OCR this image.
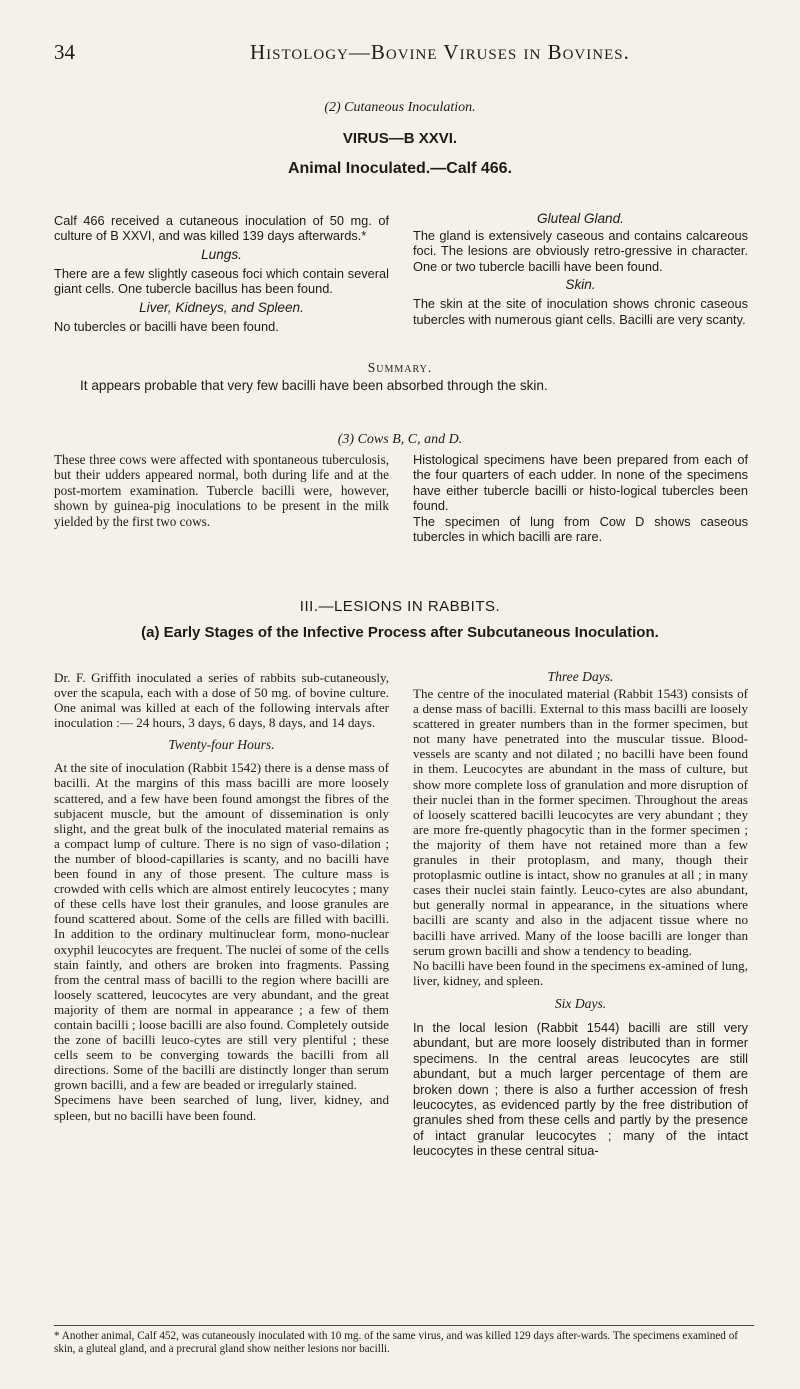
34	Histology—Bovine Viruses in Bovines.
(2) Cutaneous Inoculation.
VIRUS—B XXVI.
Animal Inoculated.—Calf 466.

Calf 466 received a cutaneous inoculation of 50 mg. of culture of B XXVI, and was killed 139 days afterwards.*

Lungs.

There are a few slightly caseous foci which contain several giant cells. One tubercle bacillus has been found.

Liver, Kidneys, and Spleen.

No tubercles or bacilli have been found.

Gluteal Gland.

The gland is extensively caseous and contains calcareous foci. The lesions are obviously retro-gressive in character. One or two tubercle bacilli have been found.

Skin.

The skin at the site of inoculation shows chronic caseous tubercles with numerous giant cells. Bacilli are very scanty.

Summary.
It appears probable that very few bacilli have been absorbed through the skin.
(3) Cows B, C, and D.

These three cows were affected with spontaneous tuberculosis, but their udders appeared normal, both during life and at the post-mortem examination. Tubercle bacilli were, however, shown by guinea-pig inoculations to be present in the milk yielded by the first two cows.

Histological specimens have been prepared from each of the four quarters of each udder. In none of the specimens have either tubercle bacilli or histo-logical tubercles been found.

The specimen of lung from Cow D shows caseous tubercles in which bacilli are rare.

III.—LESIONS IN RABBITS.
(a) Early Stages of the Infective Process after Subcutaneous Inoculation.

Dr. F. Griffith inoculated a series of rabbits sub-cutaneously, over the scapula, each with a dose of 50 mg. of bovine culture. One animal was killed at each of the following intervals after inoculation :— 24 hours, 3 days, 6 days, 8 days, and 14 days.

Twenty-four Hours.

At the site of inoculation (Rabbit 1542) there is a dense mass of bacilli. At the margins of this mass bacilli are more loosely scattered, and a few have been found amongst the fibres of the subjacent muscle, but the amount of dissemination is only slight, and the great bulk of the inoculated material remains as a compact lump of culture. There is no sign of vaso-dilation ; the number of blood-capillaries is scanty, and no bacilli have been found in any of those present. The culture mass is crowded with cells which are almost entirely leucocytes ; many of these cells have lost their granules, and loose granules are found scattered about. Some of the cells are filled with bacilli. In addition to the ordinary multinuclear form, mono-nuclear oxyphil leucocytes are frequent. The nuclei of some of the cells stain faintly, and others are broken into fragments. Passing from the central mass of bacilli to the region where bacilli are loosely scattered, leucocytes are very abundant, and the great majority of them are normal in appearance ; a few of them contain bacilli ; loose bacilli are also found. Completely outside the zone of bacilli leuco-cytes are still very plentiful ; these cells seem to be converging towards the bacilli from all directions. Some of the bacilli are distinctly longer than serum grown bacilli, and a few are beaded or irregularly stained.

Specimens have been searched of lung, liver, kidney, and spleen, but no bacilli have been found.

Three Days.

The centre of the inoculated material (Rabbit 1543) consists of a dense mass of bacilli. External to this mass bacilli are loosely scattered in greater numbers than in the former specimen, but not many have penetrated into the muscular tissue. Blood-vessels are scanty and not dilated ; no bacilli have been found in them. Leucocytes are abundant in the mass of culture, but show more complete loss of granulation and more disruption of their nuclei than in the former specimen. Throughout the areas of loosely scattered bacilli leucocytes are very abundant ; they are more fre-quently phagocytic than in the former specimen ; the majority of them have not retained more than a few granules in their protoplasm, and many, though their protoplasmic outline is intact, show no granules at all ; in many cases their nuclei stain faintly. Leuco-cytes are also abundant, but generally normal in appearance, in the situations where bacilli are scanty and also in the adjacent tissue where no bacilli have arrived. Many of the loose bacilli are longer than serum grown bacilli and show a tendency to beading.

No bacilli have been found in the specimens ex-amined of lung, liver, kidney, and spleen.

Six Days.

In the local lesion (Rabbit 1544) bacilli are still very abundant, but are more loosely distributed than in former specimens. In the central areas leucocytes are still abundant, but a much larger percentage of them are broken down ; there is also a further accession of fresh leucocytes, as evidenced partly by the free distribution of granules shed from these cells and partly by the presence of intact granular leucocytes ; many of the intact leucocytes in these central situa-

* Another animal, Calf 452, was cutaneously inoculated with 10 mg. of the same virus, and was killed 129 days after-wards. The specimens examined of skin, a gluteal gland, and a precrural gland show neither lesions nor bacilli.
